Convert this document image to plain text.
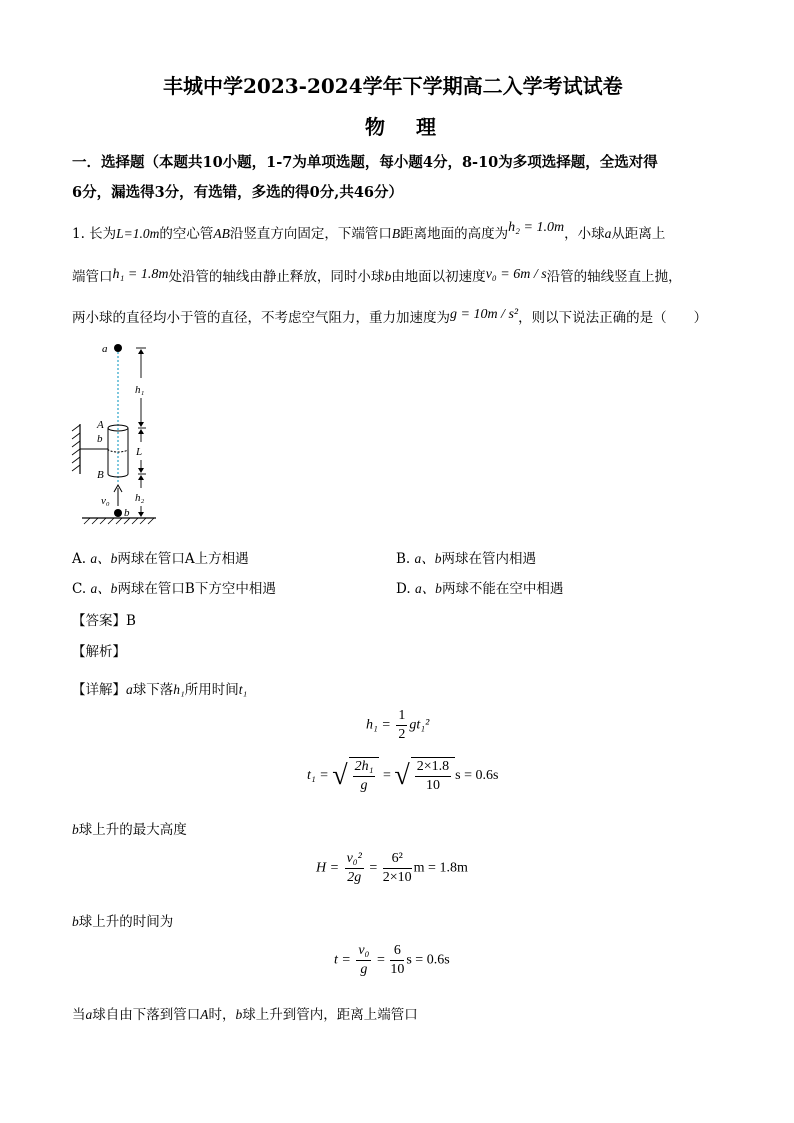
丰城中学2023-2024学年下学期高二入学考试试卷
物 理
一．选择题（本题共10小题，1-7为单项选题，每小题4分，8-10为多项选择题，全选对得
6分，漏选得3分，有选错，多选的得0分,共46分）
1. 长为L=1.0m的空心管AB沿竖直方向固定，下端管口B距离地面的高度为h₂ = 1.0m，小球a从距离上
端管口h₁ = 1.8m处沿管的轴线由静止释放，同时小球b由地面以初速度v₀ = 6m / s沿管的轴线竖直上抛，
两小球的直径均小于管的直径，不考虑空气阻力，重力加速度为g = 10m / s²，则以下说法正确的是（　　）
a
h₁
A
b
L
B
v₀ h₂
b
A. a、b两球在管口A上方相遇	B. a、b两球在管内相遇
C. a、b两球在管口B下方空中相遇	D. a、b两球不能在空中相遇
【答案】B
【解析】
【详解】a球下落h₁所用时间t₁
$h_1 = \frac{1}{2} gt_1^2$
t₁ = √ $\frac{\text{2h₁}}{g}$ = √ $\frac{2\times 1.8}{10}$ s = 0.6s
b球上升的最大高度
$H = \frac{\text{v₀²}}{2g} = \frac{\text{6²}}{2\times 10}$ m = 1.8m
b球上升的时间为
$t = \frac{\text{v₀}}{g} = \frac{6}{10}$ s = 0.6s
当a球自由下落到管口A时，b球上升到管内，距离上端管口
